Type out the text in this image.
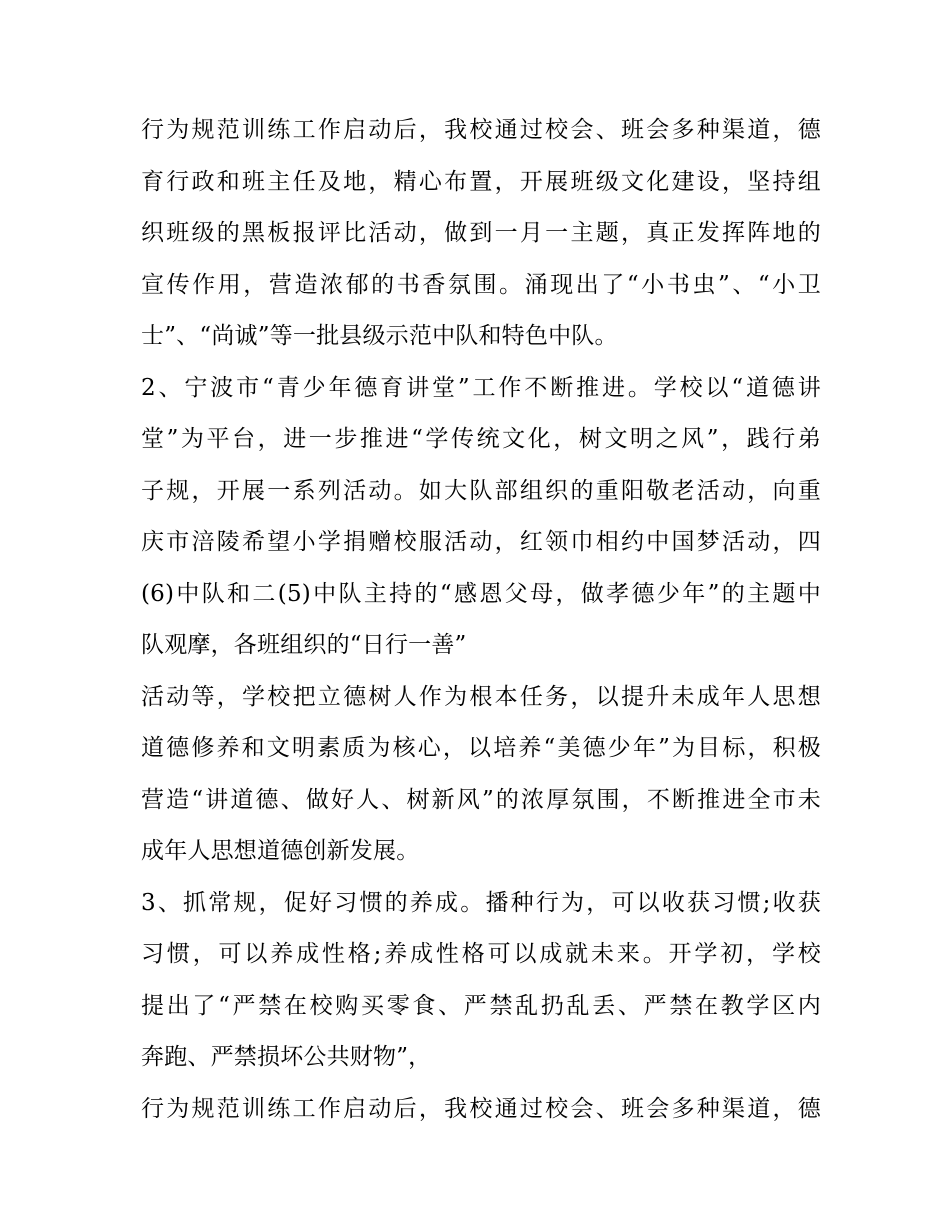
行为规范训练工作启动后，我校通过校会、班会多种渠道，德
育行政和班主任及地，精心布置，开展班级文化建设，坚持组
织班级的黑板报评比活动，做到一月一主题，真正发挥阵地的
宣传作用，营造浓郁的书香氛围。涌现出了“小书虫”、“小卫
士”、“尚诚”等一批县级示范中队和特色中队。
2、宁波市“青少年德育讲堂”工作不断推进。学校以“道德讲
堂”为平台，进一步推进“学传统文化，树文明之风”，践行弟
子规，开展一系列活动。如大队部组织的重阳敬老活动，向重
庆市涪陵希望小学捐赠校服活动，红领巾相约中国梦活动，四
(6)中队和二(5)中队主持的“感恩父母，做孝德少年”的主题中
队观摩，各班组织的“日行一善”
活动等，学校把立德树人作为根本任务，以提升未成年人思想
道德修养和文明素质为核心，以培养“美德少年”为目标，积极
营造“讲道德、做好人、树新风”的浓厚氛围，不断推进全市未
成年人思想道德创新发展。
3、抓常规，促好习惯的养成。播种行为，可以收获习惯;收获
习惯，可以养成性格;养成性格可以成就未来。开学初，学校
提出了“严禁在校购买零食、严禁乱扔乱丢、严禁在教学区内
奔跑、严禁损坏公共财物”，
行为规范训练工作启动后，我校通过校会、班会多种渠道，德
